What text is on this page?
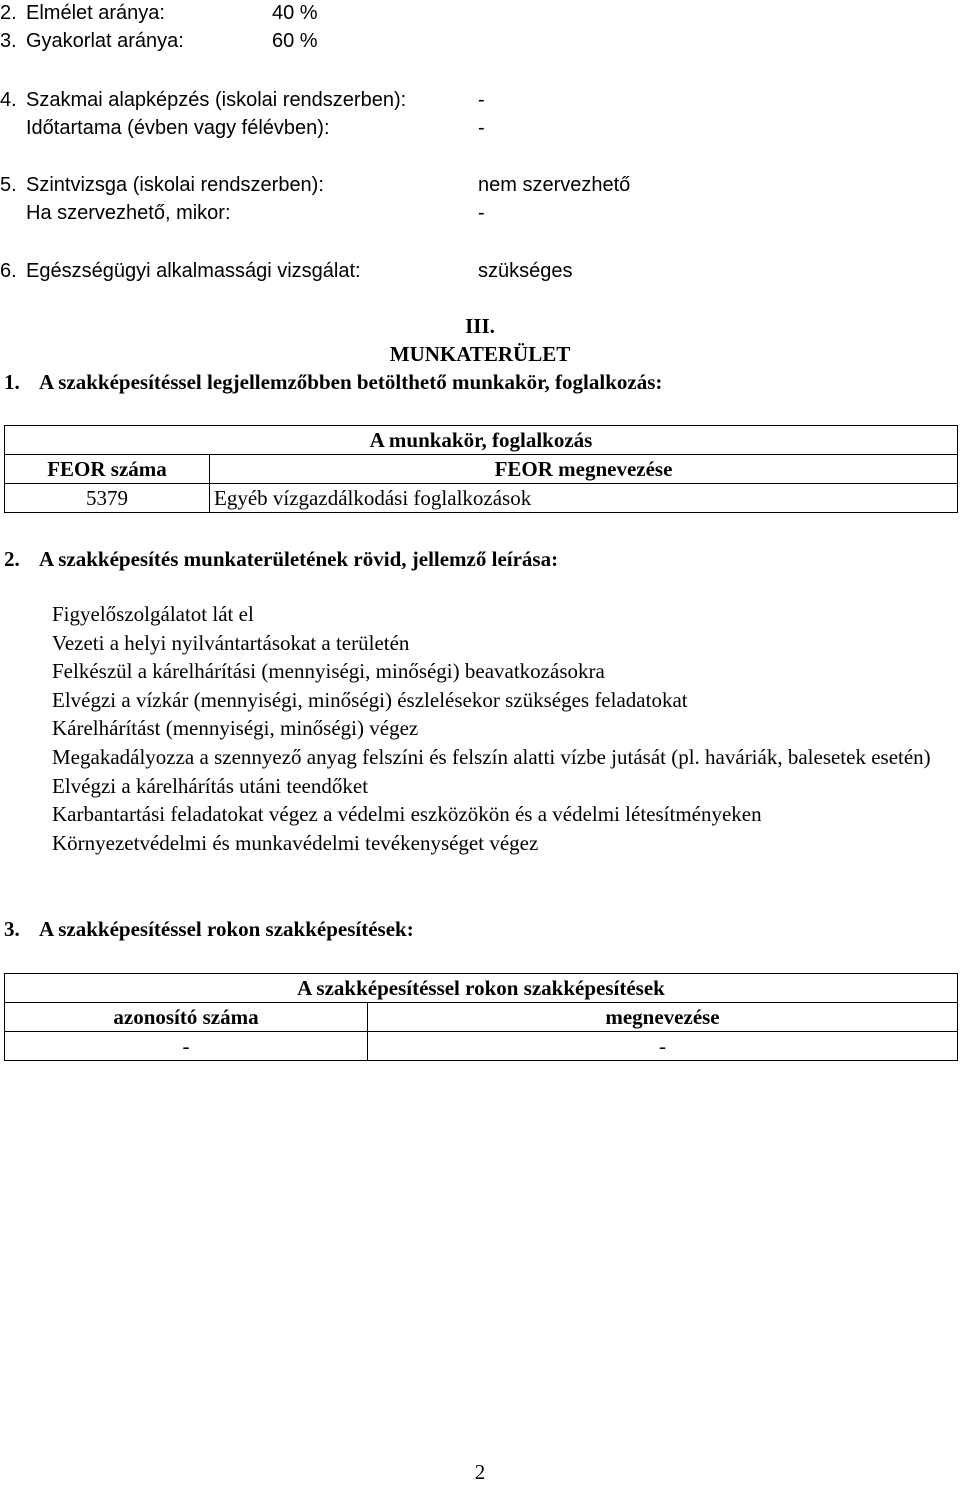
2. Elmélet aránya:	40 %
3. Gyakorlat aránya:	60 %
4. Szakmai alapképzés (iskolai rendszerben):	-
Időtartama (évben vagy félévben):	-
5. Szintvizsga (iskolai rendszerben):	nem szervezhető
Ha szervezhető, mikor:	-
6. Egészségügyi alkalmassági vizsgálat:	szükséges
III.
MUNKATERÜLET
1. A szakképesítéssel legjellemzőbben betölthető munkakör, foglalkozás:
A munkakör, foglalkozás	
FEOR száma	FEOR megnevezése
5379	Egyéb vízgazdálkodási foglalkozások
2. A szakképesítés munkaterületének rövid, jellemző leírása:
Figyelőszolgálatot lát el
Vezeti a helyi nyilvántartásokat a területén
Felkészül a kárelhárítási (mennyiségi, minőségi) beavatkozásokra
Elvégzi a vízkár (mennyiségi, minőségi) észlelésekor szükséges feladatokat
Kárelhárítást (mennyiségi, minőségi) végez
Megakadályozza a szennyező anyag felszíni és felszín alatti vízbe jutását (pl. haváriák, balesetek esetén)
Elvégzi a kárelhárítás utáni teendőket
Karbantartási feladatokat végez a védelmi eszközökön és a védelmi létesítményeken
Környezetvédelmi és munkavédelmi tevékenységet végez
3. A szakképesítéssel rokon szakképesítések:
A szakképesítéssel rokon szakképesítések	
azonosító száma	megnevezése
-	-
2
